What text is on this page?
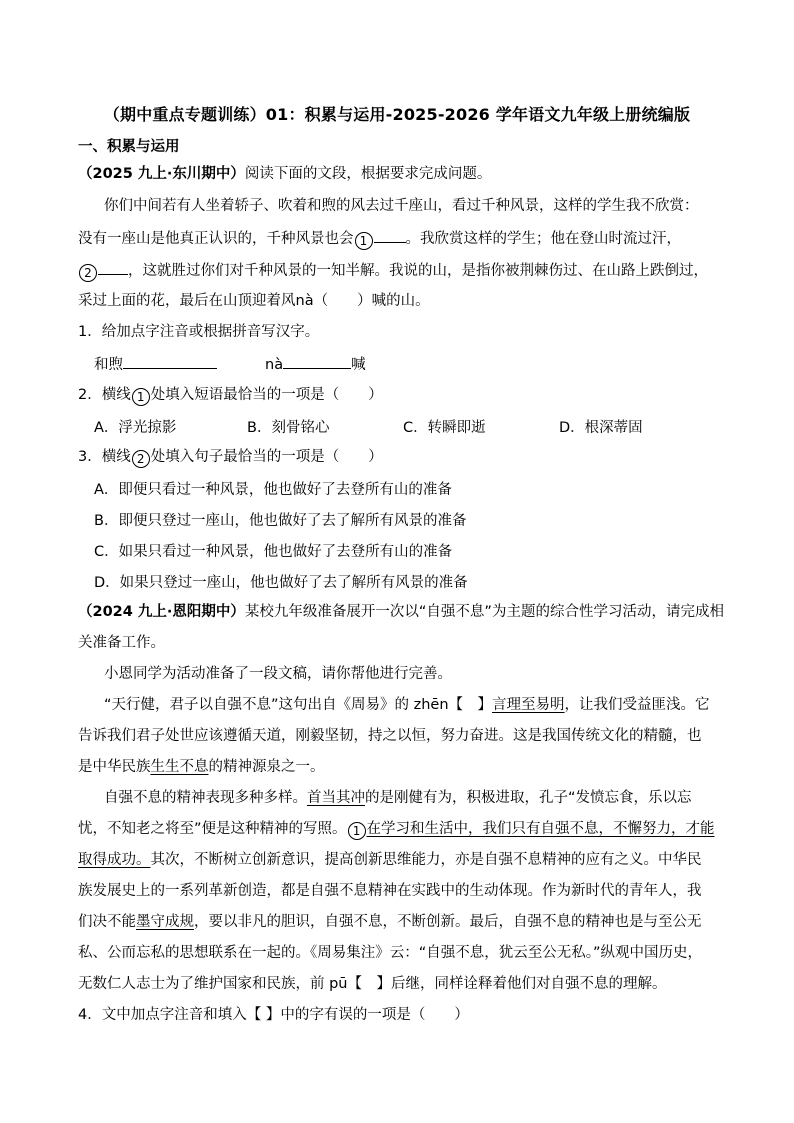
（期中重点专题训练）01：积累与运用-2025-2026 学年语文九年级上册统编版
一、积累与运用
（2025 九上·东川期中）阅读下面的文段，根据要求完成问题。
你们中间若有人坐着轿子、吹着和煦的风去过千座山，看过千种风景，这样的学生我不欣赏：
没有一座山是他真正认识的，千种风景也会 1	。我欣赏这样的学生；他在登山时流过汗，
2 ，这就胜过你们对千种风景的一知半解。我说的山，是指你被荆棘伤过、在山路上跌倒过，
采过上面的花，最后在山顶迎着风nà（　　）喊的山。
1．给加点字注音或根据拼音写汉字。
和煦	nà	喊
2．横线 1 处填入短语最恰当的一项是（　　）
A．浮光掠影	B．刻骨铭心	C．转瞬即逝	D．根深蒂固
3．横线 2 处填入句子最恰当的一项是（　　）
A．即便只看过一种风景，他也做好了去登所有山的准备
B．即便只登过一座山，他也做好了去了解所有风景的准备
C．如果只看过一种风景，他也做好了去登所有山的准备
D．如果只登过一座山，他也做好了去了解所有风景的准备
（2024 九上·恩阳期中）某校九年级准备展开一次以“自强不息”为主题的综合性学习活动，请完成相
关准备工作。
小恩同学为活动准备了一段文稿，请你帮他进行完善。
“天行健，君子以自强不息”这句出自《周易》的 zhēn【　】言理至易明，让我们受益匪浅。它
告诉我们君子处世应该遵循天道，刚毅坚韧，持之以恒，努力奋进。这是我国传统文化的精髓，也
是中华民族生生不息的精神源泉之一。
自强不息的精神表现多种多样。首当其冲的是刚健有为，积极进取，孔子“发愤忘食，乐以忘
忧，不知老之将至”便是这种精神的写照。 1 在学习和生活中，我们只有自强不息，不懈努力，才能
取得成功。其次，不断树立创新意识，提高创新思维能力，亦是自强不息精神的应有之义。中华民
族发展史上的一系列革新创造，都是自强不息精神在实践中的生动体现。作为新时代的青年人，我
们决不能墨守成规，要以非凡的胆识，自强不息，不断创新。最后，自强不息的精神也是与至公无
私、公而忘私的思想联系在一起的。《周易集注》云：“自强不息，犹云至公无私。”纵观中国历史，
无数仁人志士为了维护国家和民族，前 pū【　】后继，同样诠释着他们对自强不息的理解。
4．文中加点字注音和填入【 】中的字有误的一项是（　　）
